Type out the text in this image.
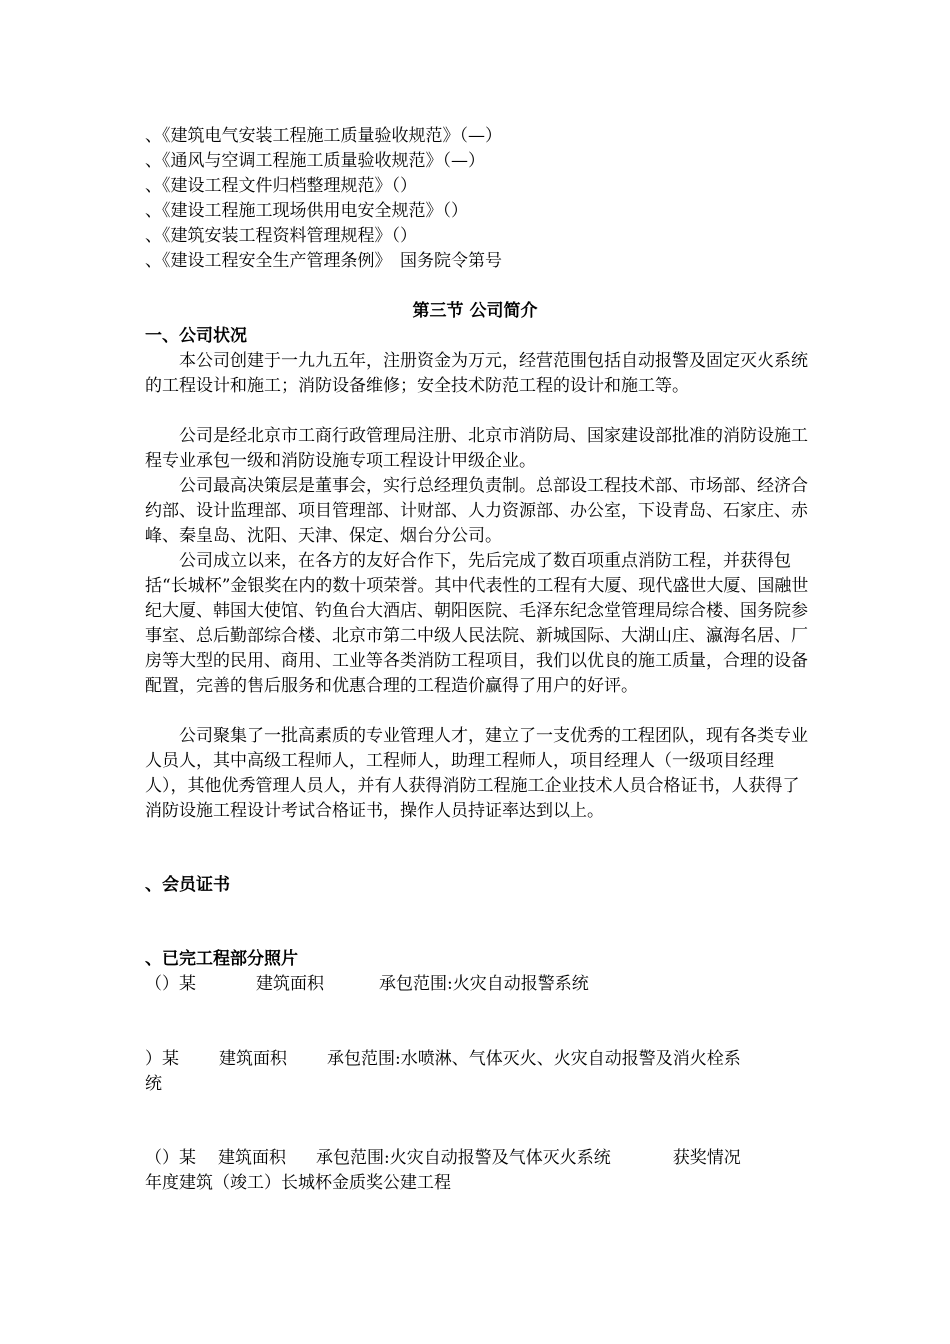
、《建筑电气安装工程施工质量验收规范》（—）
、《通风与空调工程施工质量验收规范》（—）
、《建设工程文件归档整理规范》（）
、《建设工程施工现场供用电安全规范》（）
、《建筑安装工程资料管理规程》（）
、《建设工程安全生产管理条例》　国务院令第号
第三节 公司简介
一、公司状况
　　本公司创建于一九九五年，注册资金为万元，经营范围包括自动报警及固定灭火系统的工程设计和施工；消防设备维修；安全技术防范工程的设计和施工等。
　　公司是经北京市工商行政管理局注册、北京市消防局、国家建设部批准的消防设施工程专业承包一级和消防设施专项工程设计甲级企业。
　　公司最高决策层是董事会，实行总经理负责制。总部设工程技术部、市场部、经济合约部、设计监理部、项目管理部、计财部、人力资源部、办公室，下设青岛、石家庄、赤峰、秦皇岛、沈阳、天津、保定、烟台分公司。
　　公司成立以来，在各方的友好合作下，先后完成了数百项重点消防工程，并获得包括“长城杯”金银奖在内的数十项荣誉。其中代表性的工程有大厦、现代盛世大厦、国融世纪大厦、韩国大使馆、钓鱼台大酒店、朝阳医院、毛泽东纪念堂管理局综合楼、国务院参事室、总后勤部综合楼、北京市第二中级人民法院、新城国际、大湖山庄、瀛海名居、厂房等大型的民用、商用、工业等各类消防工程项目，我们以优良的施工质量，合理的设备配置，完善的售后服务和优惠合理的工程造价赢得了用户的好评。
　　公司聚集了一批高素质的专业管理人才，建立了一支优秀的工程团队，现有各类专业人员人，其中高级工程师人，工程师人，助理工程师人，项目经理人（一级项目经理人），其他优秀管理人员人，并有人获得消防工程施工企业技术人员合格证书，人获得了消防设施工程设计考试合格证书，操作人员持证率达到以上。
、会员证书
、已完工程部分照片
（）某	建筑面积	承包范围:火灾自动报警系统
）某 建筑面积 承包范围:水喷淋、气体灭火、火灾自动报警及消火栓系
统
（）某 建筑面积 承包范围:火灾自动报警及气体灭火系统	获奖情况
年度建筑（竣工）长城杯金质奖公建工程
